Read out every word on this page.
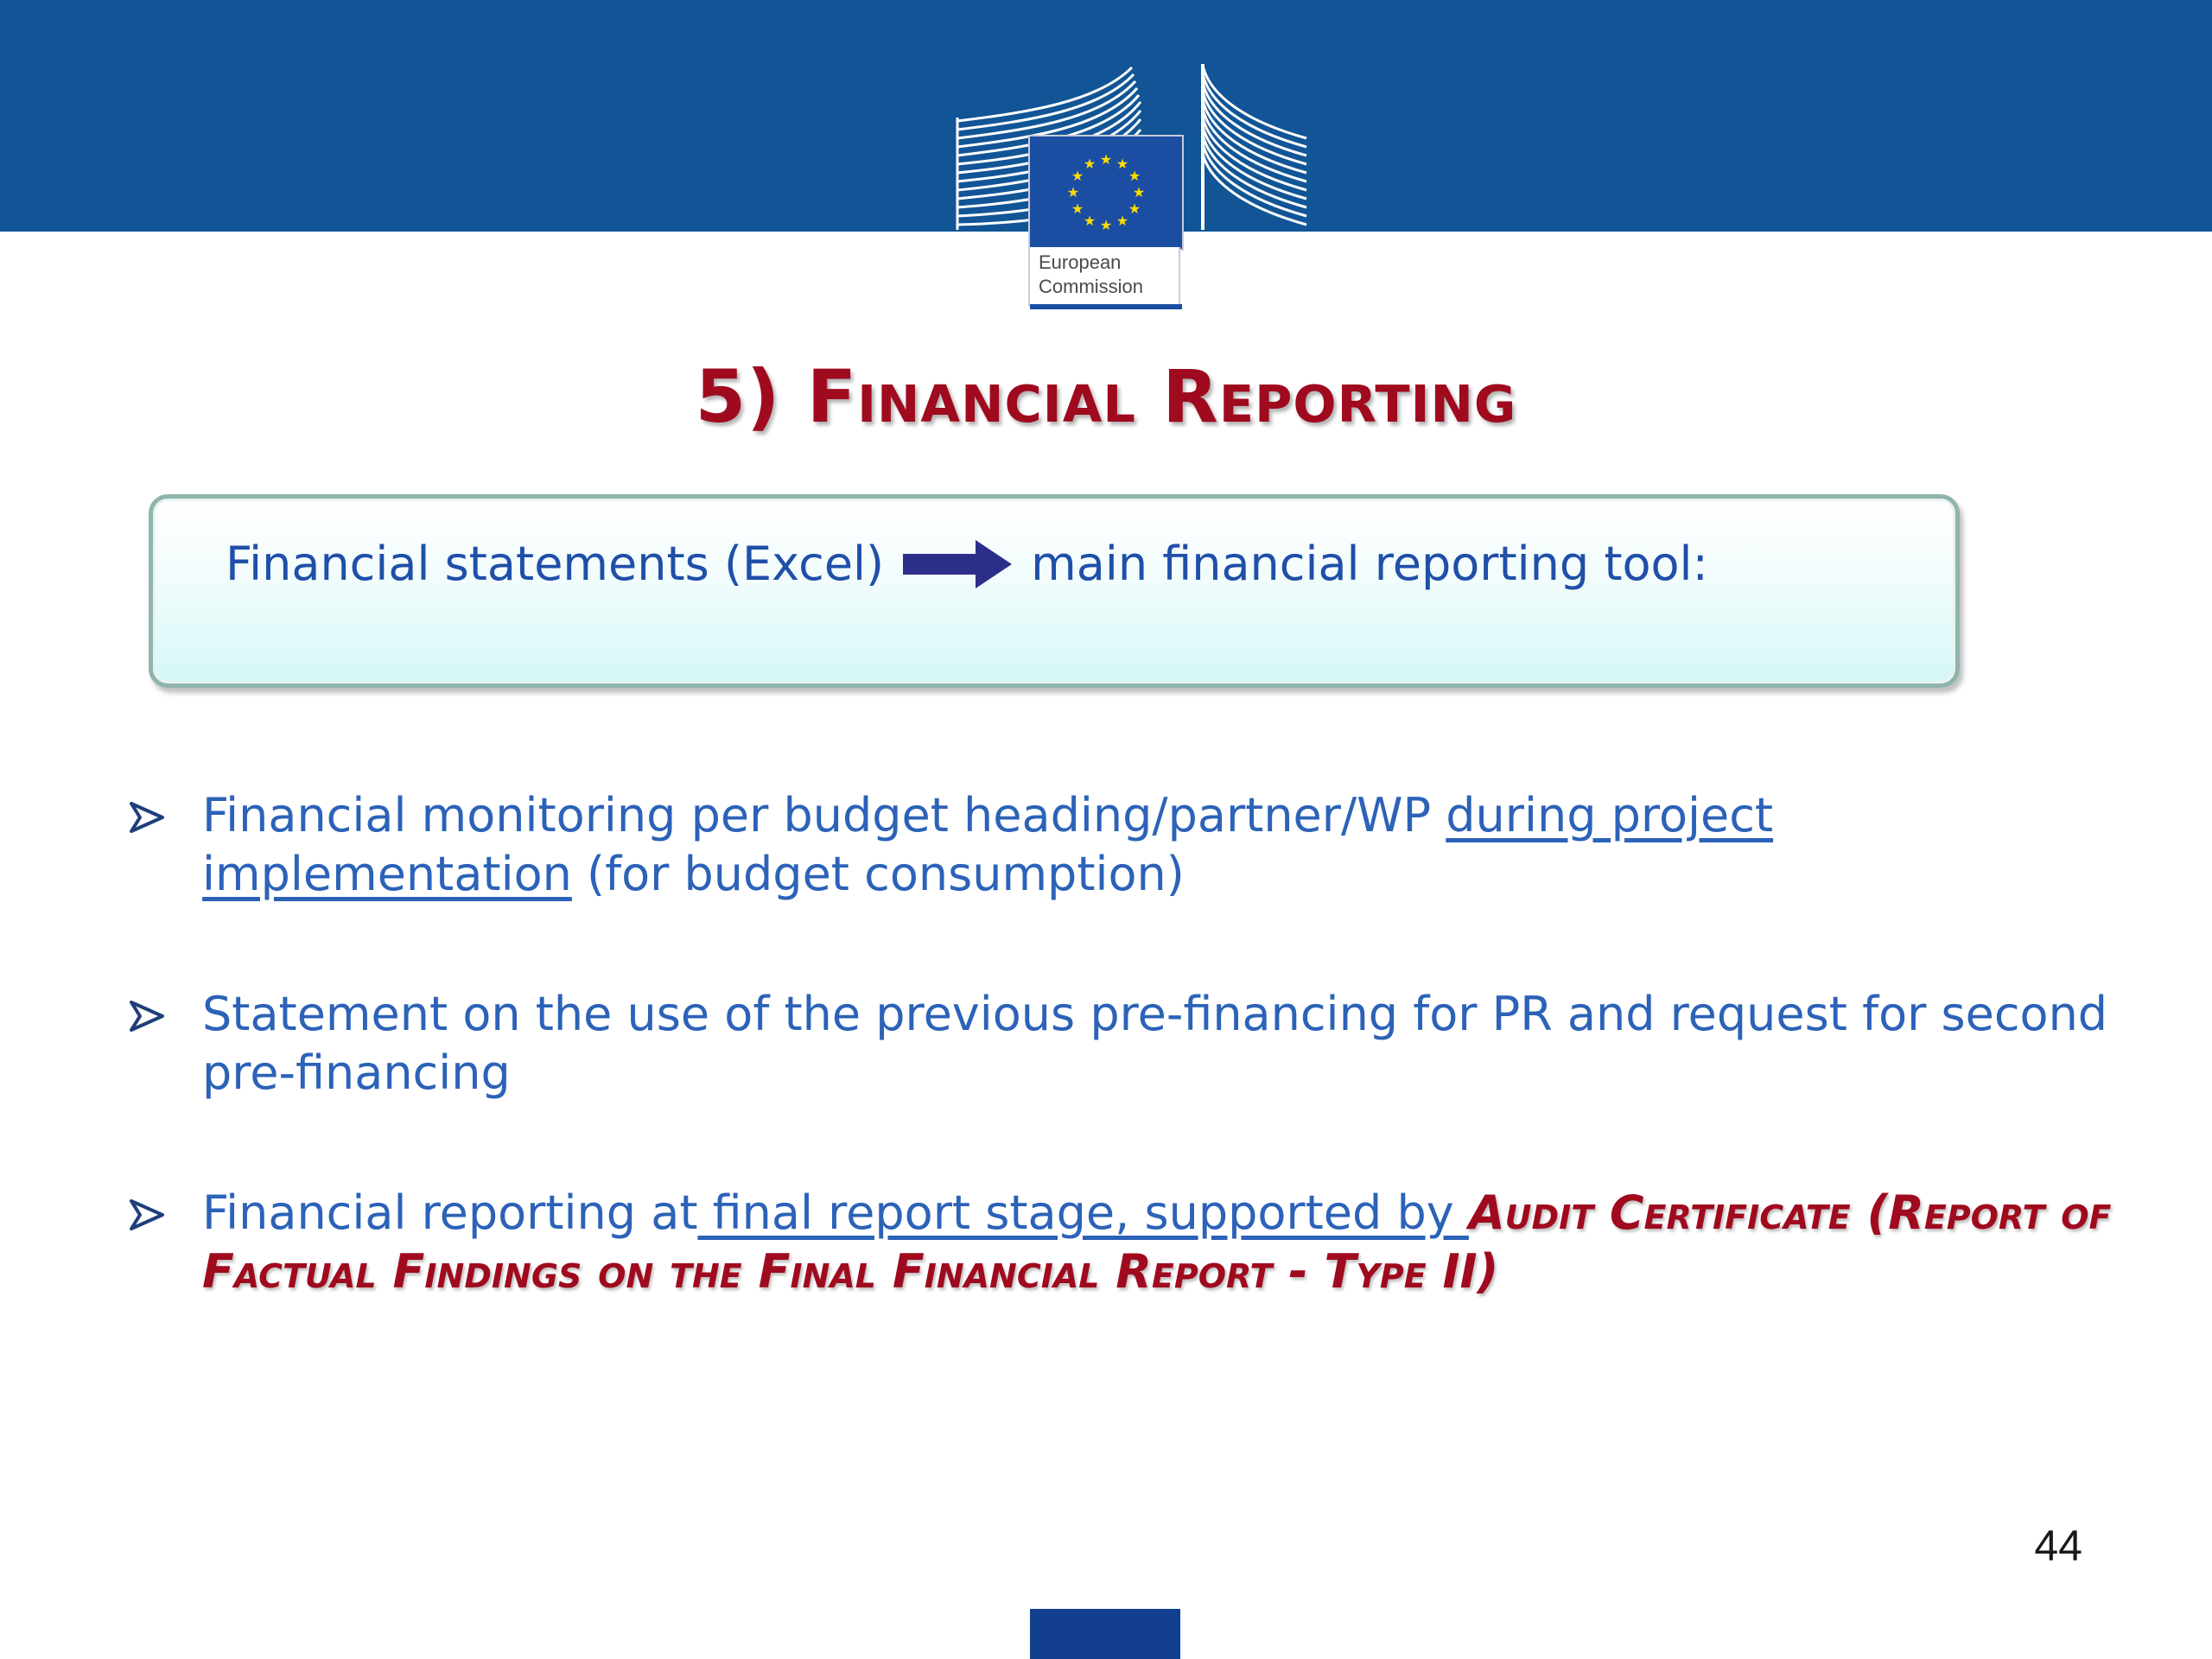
★ ★
★
★
★
★
★
★
★
★
★
★
European
Commission
5) Financial Reporting
Financial statements (Excel)	main financial reporting tool:
Financial monitoring per budget heading/partner/WP during project implementation (for budget consumption)
Statement on the use of the previous pre-financing for PR and request for second pre-financing
Financial reporting at final report stage, supported by Audit Certificate (Report of Factual Findings on the Final Financial Report - Type II)
44
